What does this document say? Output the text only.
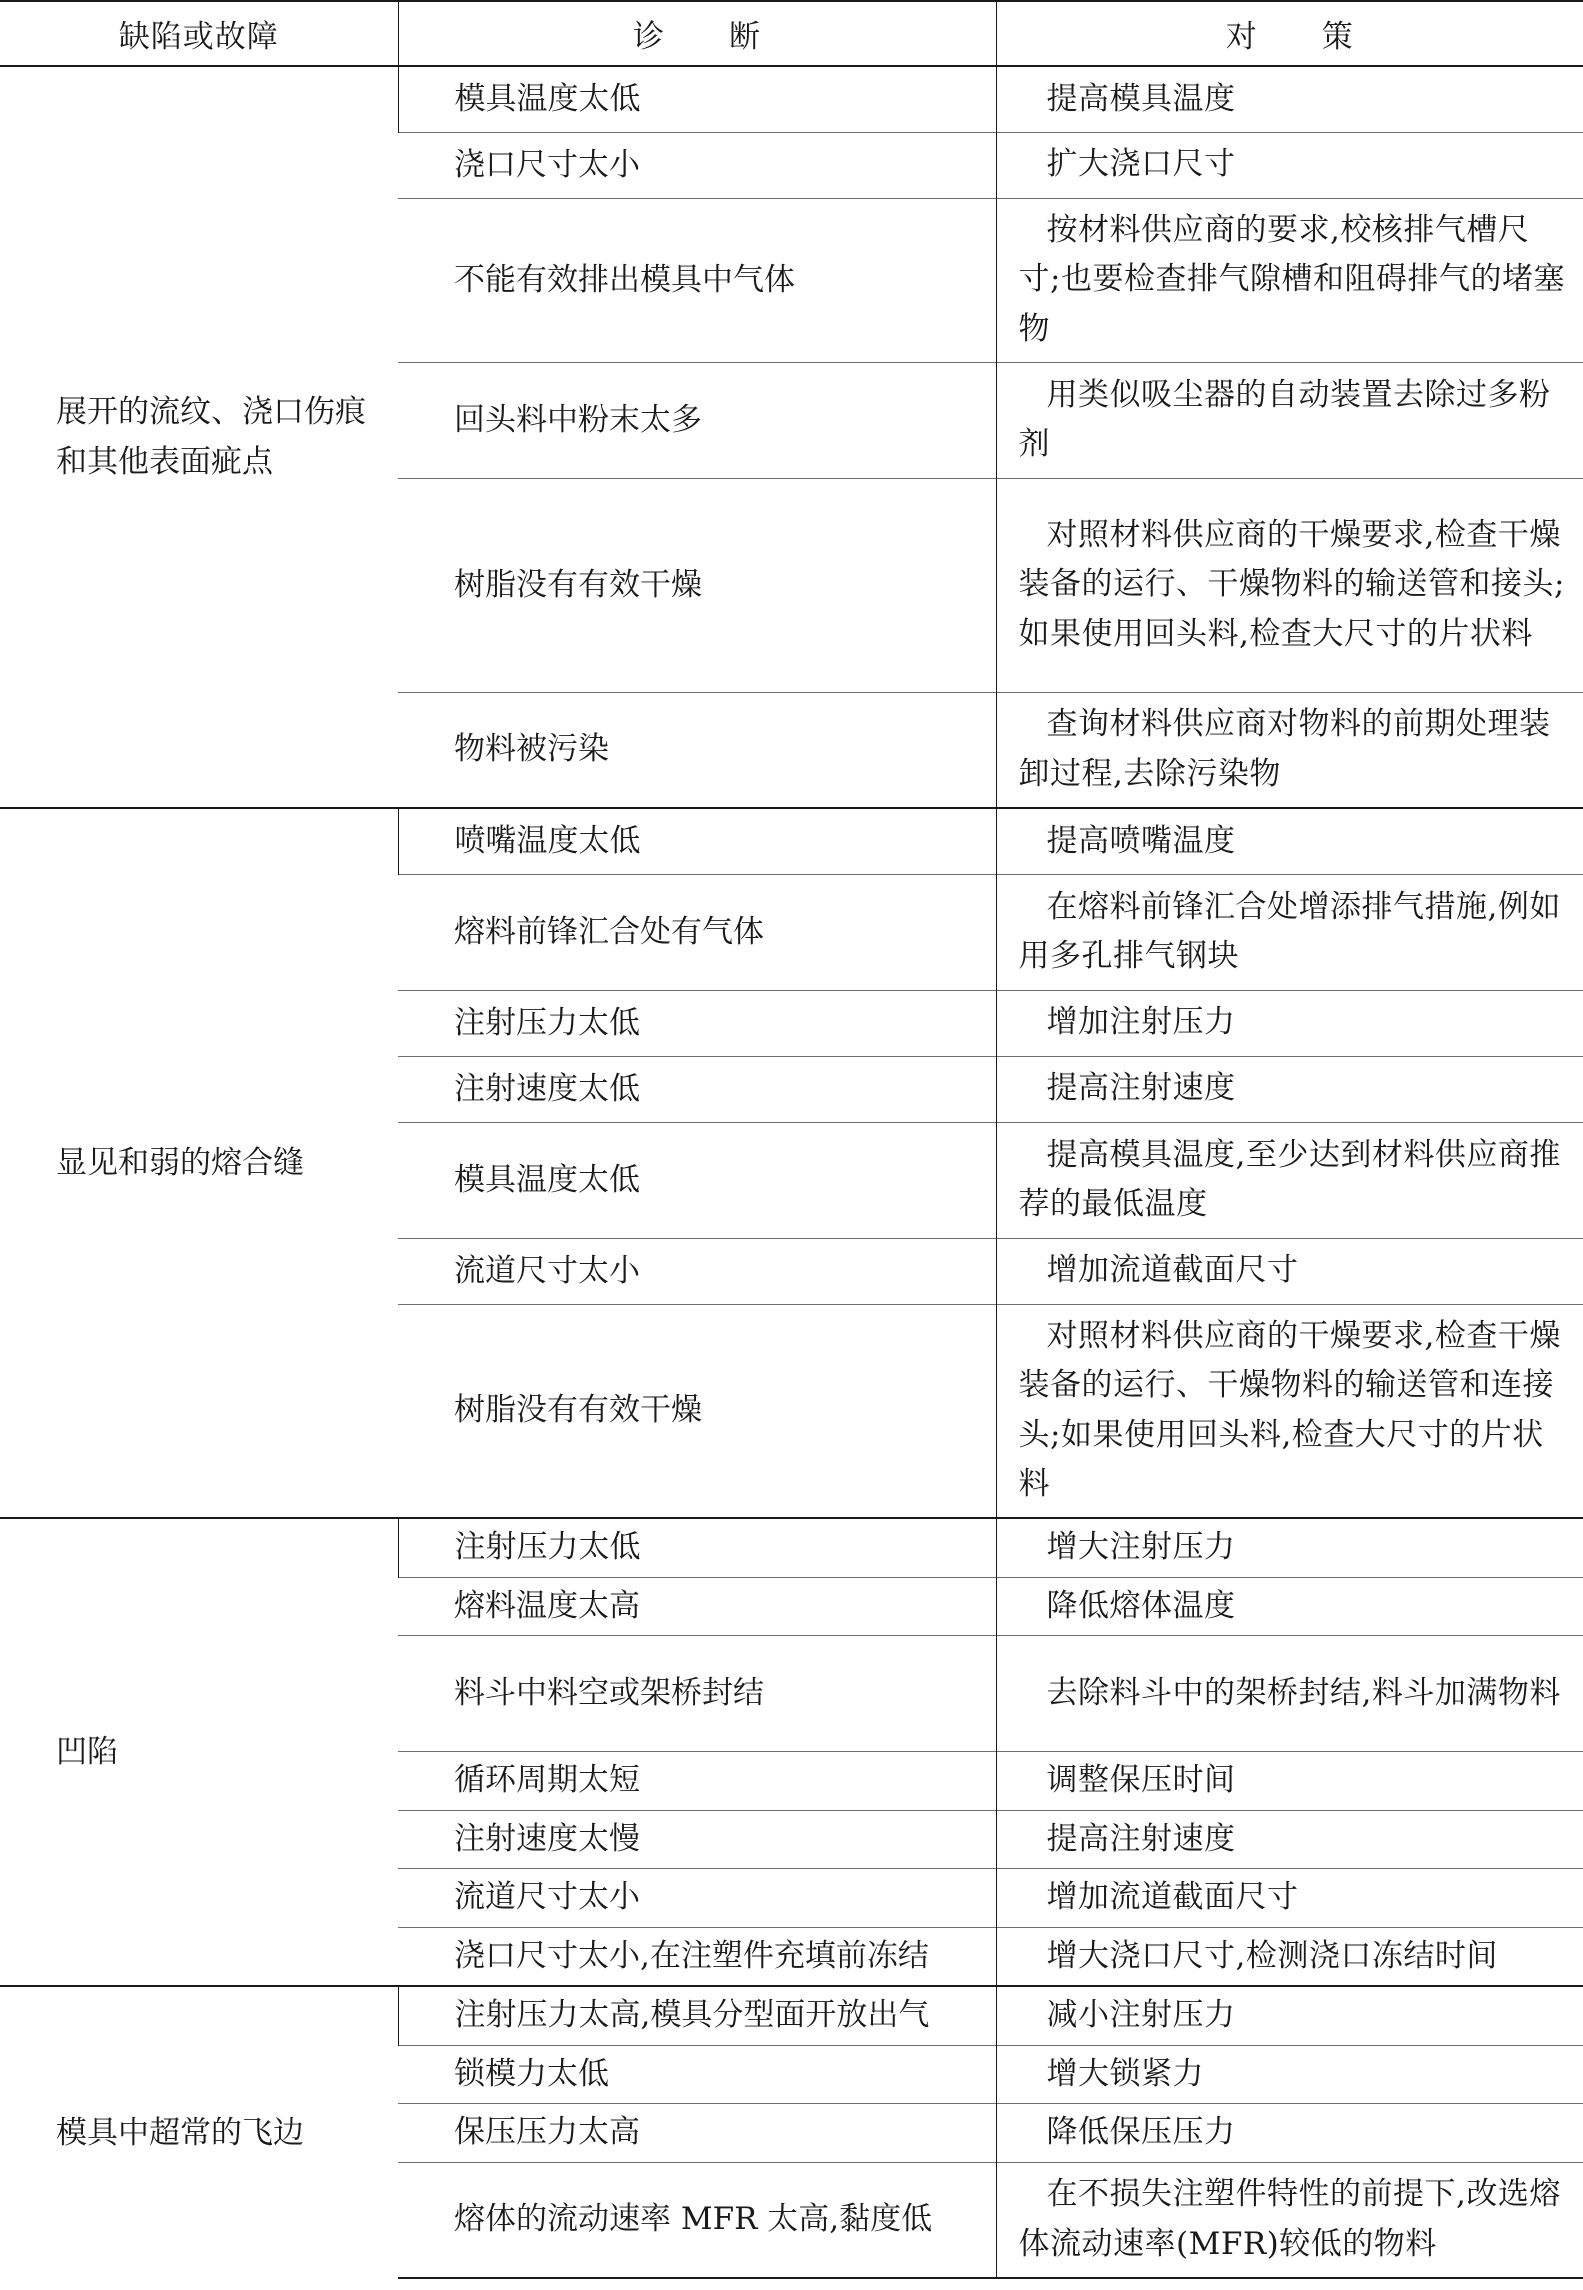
缺陷或故障	诊　　断	对　　策

展开的流纹、浇口伤痕和其他表面疵点	模具温度太低	提高模具温度
	浇口尺寸太小	扩大浇口尺寸
	不能有效排出模具中气体	按材料供应商的要求,校核排气槽尺寸;也要检查排气隙槽和阻碍排气的堵塞物
	回头料中粉末太多	用类似吸尘器的自动装置去除过多粉剂
	树脂没有有效干燥	对照材料供应商的干燥要求,检查干燥装备的运行、干燥物料的输送管和接头;如果使用回头料,检查大尺寸的片状料
	物料被污染	查询材料供应商对物料的前期处理装卸过程,去除污染物

显见和弱的熔合缝	喷嘴温度太低	提高喷嘴温度
	熔料前锋汇合处有气体	在熔料前锋汇合处增添排气措施,例如用多孔排气钢块
	注射压力太低	增加注射压力
	注射速度太低	提高注射速度
	模具温度太低	提高模具温度,至少达到材料供应商推荐的最低温度
	流道尺寸太小	增加流道截面尺寸
	树脂没有有效干燥	对照材料供应商的干燥要求,检查干燥装备的运行、干燥物料的输送管和连接头;如果使用回头料,检查大尺寸的片状料

凹陷	注射压力太低	增大注射压力
	熔料温度太高	降低熔体温度
	料斗中料空或架桥封结	去除料斗中的架桥封结,料斗加满物料
	循环周期太短	调整保压时间
	注射速度太慢	提高注射速度
	流道尺寸太小	增加流道截面尺寸
	浇口尺寸太小,在注塑件充填前冻结	增大浇口尺寸,检测浇口冻结时间

模具中超常的飞边	注射压力太高,模具分型面开放出气	减小注射压力
	锁模力太低	增大锁紧力
	保压压力太高	降低保压压力
	熔体的流动速率 MFR 太高,黏度低	在不损失注塑件特性的前提下,改选熔体流动速率(MFR)较低的物料
